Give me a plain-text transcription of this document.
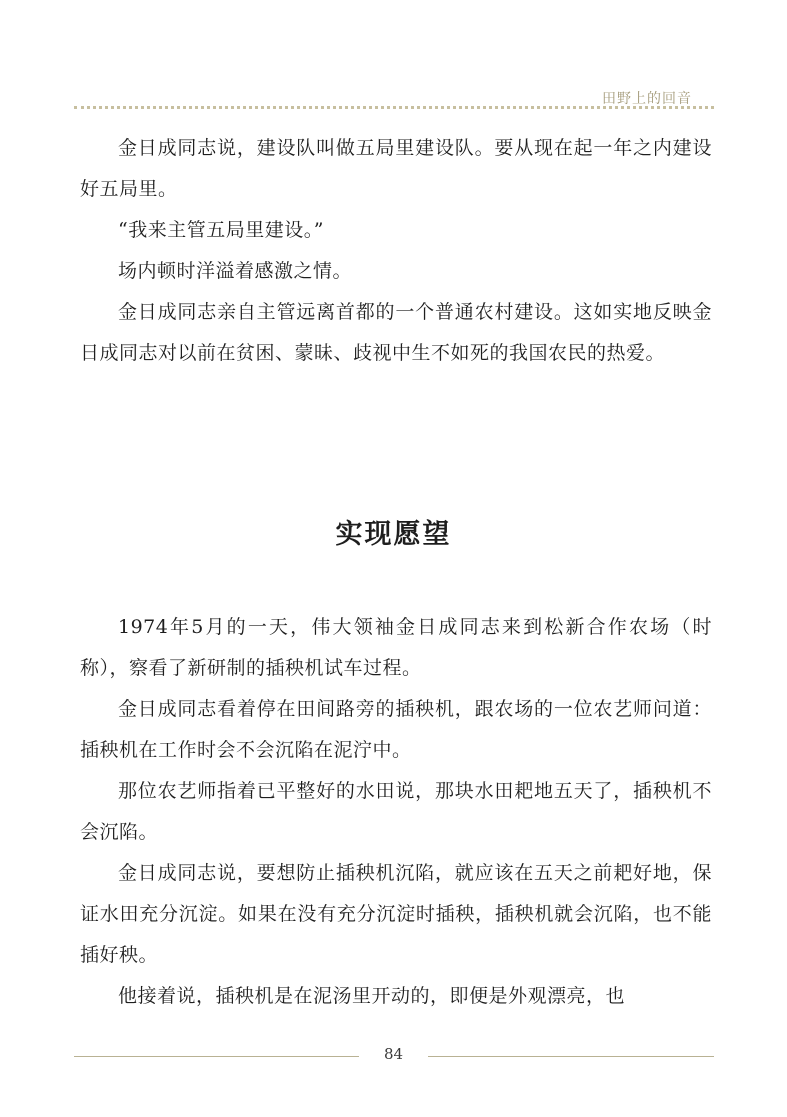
田野上的回音

金日成同志说，建设队叫做五局里建设队。要从现在起一年之内建设好五局里。

“我来主管五局里建设。”

场内顿时洋溢着感激之情。

金日成同志亲自主管远离首都的一个普通农村建设。这如实地反映金日成同志对以前在贫困、蒙昧、歧视中生不如死的我国农民的热爱。

实现愿望

1974年5月的一天，伟大领袖金日成同志来到松新合作农场（时称），察看了新研制的插秧机试车过程。

金日成同志看着停在田间路旁的插秧机，跟农场的一位农艺师问道：插秧机在工作时会不会沉陷在泥泞中。

那位农艺师指着已平整好的水田说，那块水田耙地五天了，插秧机不会沉陷。

金日成同志说，要想防止插秧机沉陷，就应该在五天之前耙好地，保证水田充分沉淀。如果在没有充分沉淀时插秧，插秧机就会沉陷，也不能插好秧。

他接着说，插秧机是在泥汤里开动的，即便是外观漂亮，也

84
